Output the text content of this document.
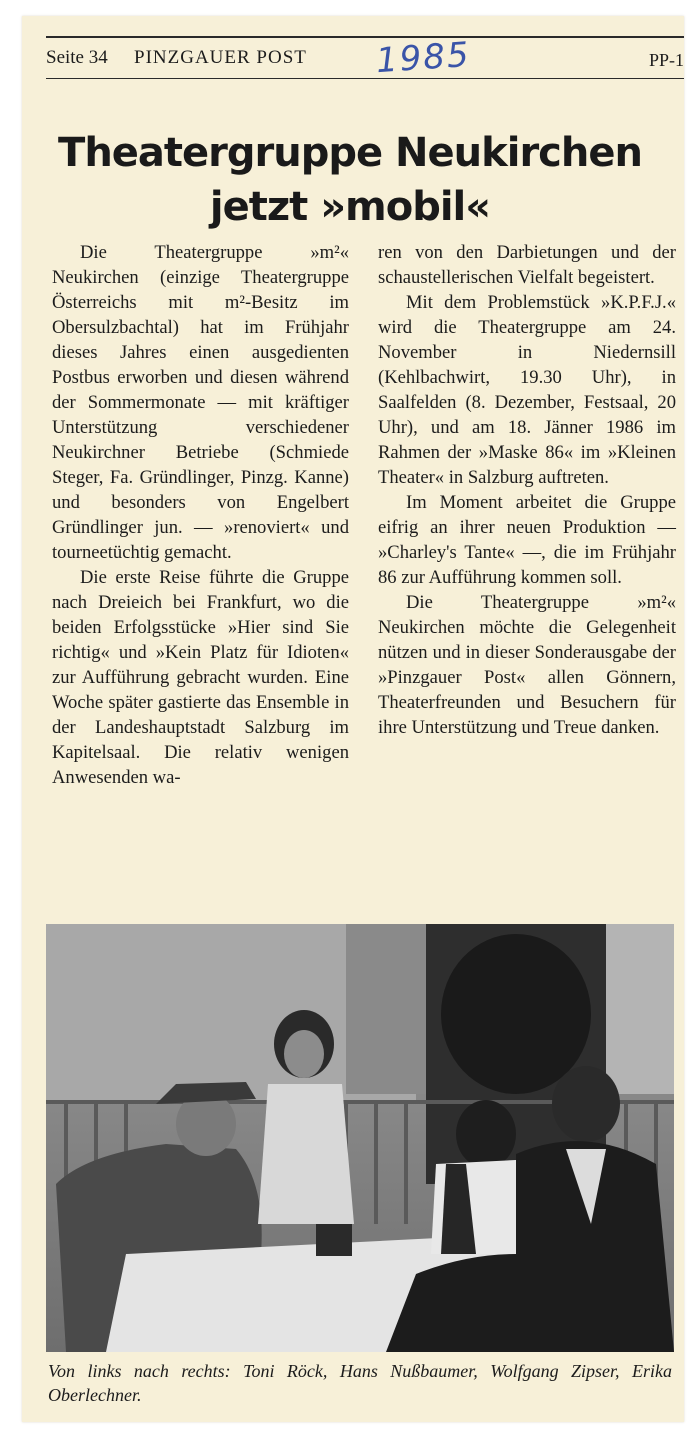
Seite 34 PINZGAUER POST 1985	PP-1
Theatergruppe Neukirchen
jetzt »mobil«

Die Theatergruppe »m²« Neukirchen (einzige Theatergruppe Österreichs mit m²-Besitz im Obersulzbachtal) hat im Frühjahr dieses Jahres einen ausgedienten Postbus erworben und diesen während der Sommermonate — mit kräftiger Unterstützung verschiedener Neukirchner Betriebe (Schmiede Steger, Fa. Gründlinger, Pinzg. Kanne) und besonders von Engelbert Gründlinger jun. — »renoviert« und tourneetüchtig gemacht.

Die erste Reise führte die Gruppe nach Dreieich bei Frankfurt, wo die beiden Erfolgsstücke »Hier sind Sie richtig« und »Kein Platz für Idioten« zur Aufführung gebracht wurden. Eine Woche später gastierte das Ensemble in der Landeshauptstadt Salzburg im Kapitelsaal. Die relativ wenigen Anwesenden wa-

ren von den Darbietungen und der schaustellerischen Vielfalt begeistert.

Mit dem Problemstück »K.P.F.J.« wird die Theatergruppe am 24. November in Niedernsill (Kehlbachwirt, 19.30 Uhr), in Saalfelden (8. Dezember, Festsaal, 20 Uhr), und am 18. Jänner 1986 im Rahmen der »Maske 86« im »Kleinen Theater« in Salzburg auftreten.

Im Moment arbeitet die Gruppe eifrig an ihrer neuen Produktion — »Charley's Tante« —, die im Frühjahr 86 zur Aufführung kommen soll.

Die Theatergruppe »m²« Neukirchen möchte die Gelegenheit nützen und in dieser Sonderausgabe der »Pinzgauer Post« allen Gönnern, Theaterfreunden und Besuchern für ihre Unterstützung und Treue danken.

Von links nach rechts: Toni Röck, Hans Nußbaumer, Wolfgang Zipser, Erika Oberlechner.
